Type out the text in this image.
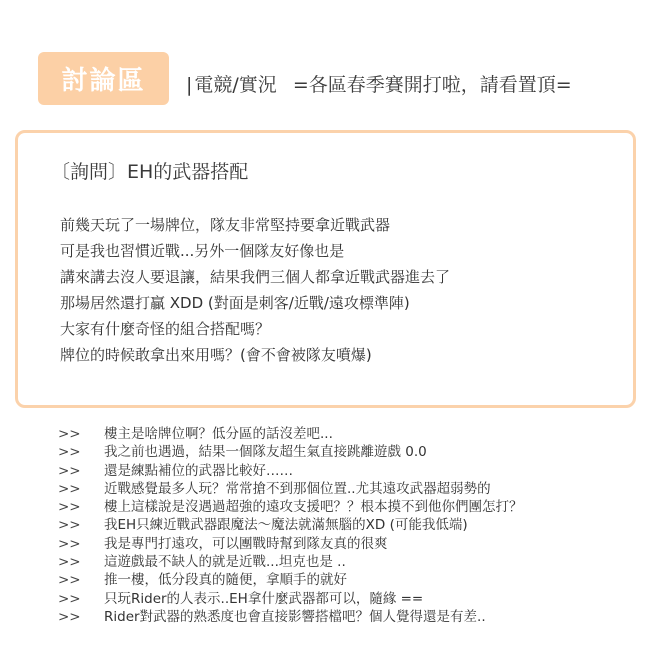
討論區	| 電競/實況 =各區春季賽開打啦，請看置頂=
〔詢問〕EH的武器搭配
前幾天玩了一場牌位，隊友非常堅持要拿近戰武器
可是我也習慣近戰...另外一個隊友好像也是
講來講去沒人要退讓，結果我們三個人都拿近戰武器進去了
那場居然還打贏 XDD (對面是刺客/近戰/遠攻標準陣)
大家有什麼奇怪的組合搭配嗎？
牌位的時候敢拿出來用嗎？(會不會被隊友噴爆)
>>	樓主是啥牌位啊？低分區的話沒差吧...
>>	我之前也遇過，結果一個隊友超生氣直接跳離遊戲 0.0
>>	還是練點補位的武器比較好……
>>	近戰感覺最多人玩？常常搶不到那個位置..尤其遠攻武器超弱勢的
>>	樓上這樣說是沒遇過超強的遠攻支援吧？？根本摸不到他你們團怎打？
>>	我EH只練近戰武器跟魔法～魔法就滿無腦的XD (可能我低端)
>>	我是專門打遠攻，可以團戰時幫到隊友真的很爽
>>	這遊戲最不缺人的就是近戰...坦克也是 ..
>>	推一樓，低分段真的隨便，拿順手的就好
>>	只玩Rider的人表示..EH拿什麼武器都可以，隨緣 ==
>>	Rider對武器的熟悉度也會直接影響搭檔吧？個人覺得還是有差..
